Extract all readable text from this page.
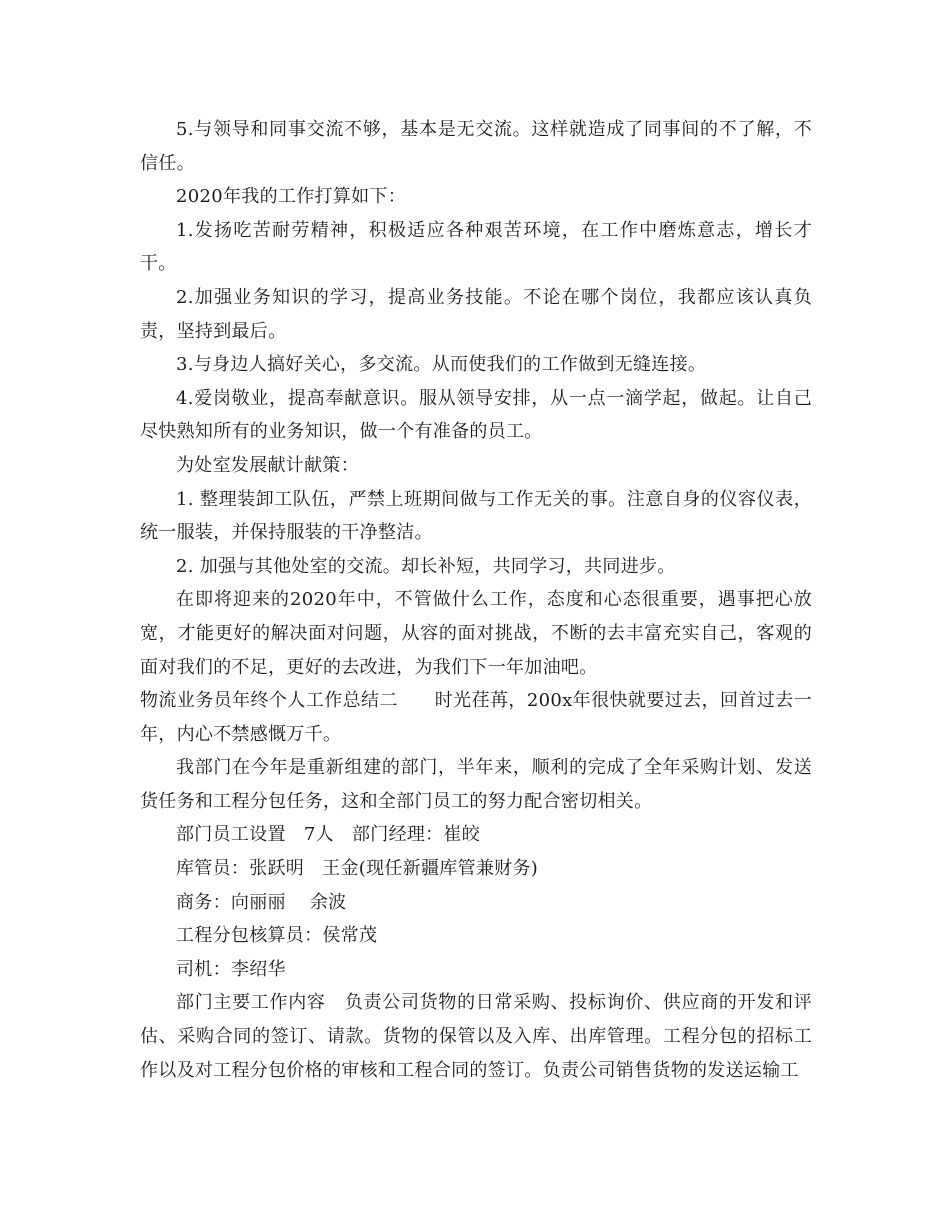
5.与领导和同事交流不够，基本是无交流。这样就造成了同事间的不了解，不信任。

2020年我的工作打算如下：

1.发扬吃苦耐劳精神，积极适应各种艰苦环境，在工作中磨炼意志，增长才干。

2.加强业务知识的学习，提高业务技能。不论在哪个岗位，我都应该认真负责，坚持到最后。

3.与身边人搞好关心，多交流。从而使我们的工作做到无缝连接。

4.爱岗敬业，提高奉献意识。服从领导安排，从一点一滴学起，做起。让自己尽快熟知所有的业务知识，做一个有准备的员工。

为处室发展献计献策：

1. 整理装卸工队伍，严禁上班期间做与工作无关的事。注意自身的仪容仪表，统一服装，并保持服装的干净整洁。

2. 加强与其他处室的交流。却长补短，共同学习，共同进步。

在即将迎来的2020年中，不管做什么工作，态度和心态很重要，遇事把心放宽，才能更好的解决面对问题，从容的面对挑战，不断的去丰富充实自己，客观的面对我们的不足，更好的去改进，为我们下一年加油吧。

物流业务员年终个人工作总结二      时光荏苒，200x年很快就要过去，回首过去一年，内心不禁感慨万千。

我部门在今年是重新组建的部门，半年来，顺利的完成了全年采购计划、发送货任务和工程分包任务，这和全部门员工的努力配合密切相关。

部门员工设置   7人   部门经理：崔皎

库管员：张跃明   王金(现任新疆库管兼财务)

商务：向丽丽    余波

工程分包核算员：侯常茂

司机：李绍华

部门主要工作内容   负责公司货物的日常采购、投标询价、供应商的开发和评估、采购合同的签订、请款。货物的保管以及入库、出库管理。工程分包的招标工作以及对工程分包价格的审核和工程合同的签订。负责公司销售货物的发送运输工
